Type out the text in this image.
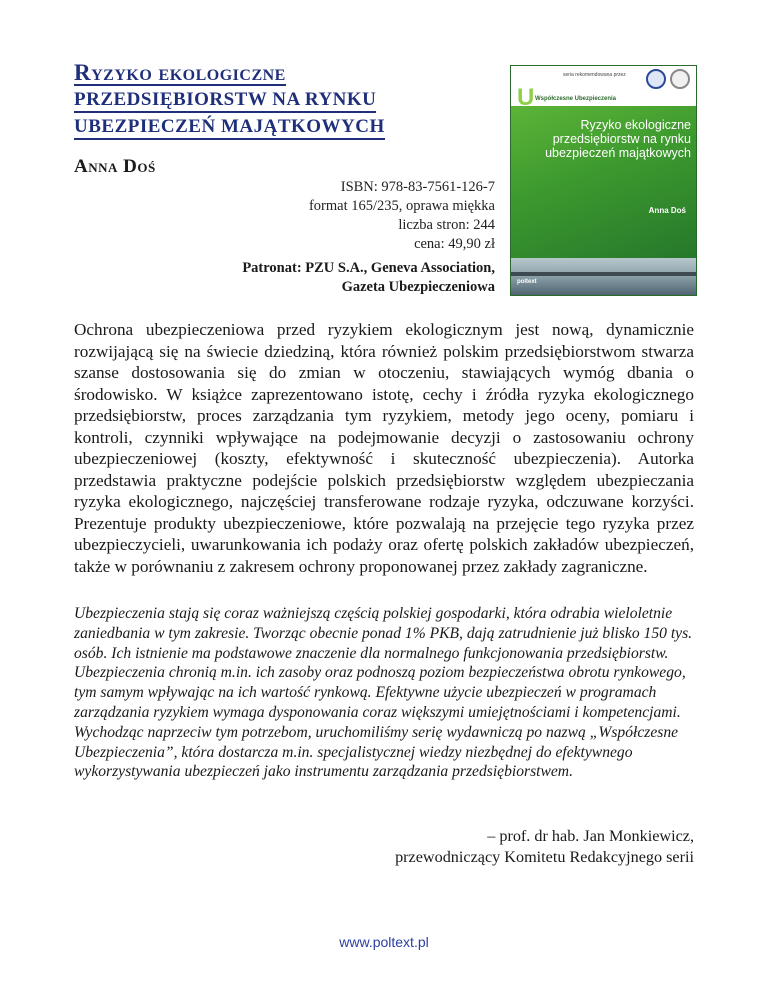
Ryzyko ekologiczne
PRZEDSIĘBIORSTW NA RYNKU
UBEZPIECZEŃ MAJĄTKOWYCH
Anna Doś
ISBN: 978-83-7561-126-7
format 165/235, oprawa miękka
liczba stron: 244
cena: 49,90 zł
Patronat: PZU S.A., Geneva Association,
Gazeta Ubezpieczeniowa
seria rekomendowana przez
U Współczesne Ubezpieczenia
Ryzyko ekologiczne przedsiębiorstw na rynku ubezpieczeń majątkowych
Anna Doś
poltext

Ochrona ubezpieczeniowa przed ryzykiem ekologicznym jest nową, dynamicznie rozwijającą się na świecie dziedziną, która również polskim przedsiębiorstwom stwarza szanse dostosowania się do zmian w otoczeniu, stawiających wymóg dbania o środowisko. W książce zaprezentowano istotę, cechy i źródła ryzyka ekologicznego przedsiębiorstw, proces zarządzania tym ryzykiem, metody jego oceny, pomiaru i kontroli, czynniki wpływające na podejmowanie decyzji o zastosowaniu ochrony ubezpieczeniowej (koszty, efektywność i skuteczność ubezpieczenia). Autorka przedstawia praktyczne podejście polskich przedsiębiorstw względem ubezpieczania ryzyka ekologicznego, najczęściej transferowane rodzaje ryzyka, odczuwane korzyści. Prezentuje produkty ubezpieczeniowe, które pozwalają na przejęcie tego ryzyka przez ubezpieczycieli, uwarunkowania ich podaży oraz ofertę polskich zakładów ubezpieczeń, także w porównaniu z zakresem ochrony proponowanej przez zakłady zagraniczne.

Ubezpieczenia stają się coraz ważniejszą częścią polskiej gospodarki, która odrabia wieloletnie zaniedbania w tym zakresie. Tworząc obecnie ponad 1% PKB, dają zatrudnienie już blisko 150 tys. osób. Ich istnienie ma podstawowe znaczenie dla normalnego funkcjonowania przedsiębiorstw. Ubezpieczenia chronią m.in. ich zasoby oraz podnoszą poziom bezpieczeństwa obrotu rynkowego, tym samym wpływając na ich wartość rynkową. Efektywne użycie ubezpieczeń w programach zarządzania ryzykiem wymaga dysponowania coraz większymi umiejętnościami i kompetencjami. Wychodząc naprzeciw tym potrzebom, uruchomiliśmy serię wydawniczą po nazwą „Współczesne Ubezpieczenia”, która dostarcza m.in. specjalistycznej wiedzy niezbędnej do efektywnego wykorzystywania ubezpieczeń jako instrumentu zarządzania przedsiębiorstwem.

– prof. dr hab. Jan Monkiewicz,
przewodniczący Komitetu Redakcyjnego serii
www.poltext.pl
